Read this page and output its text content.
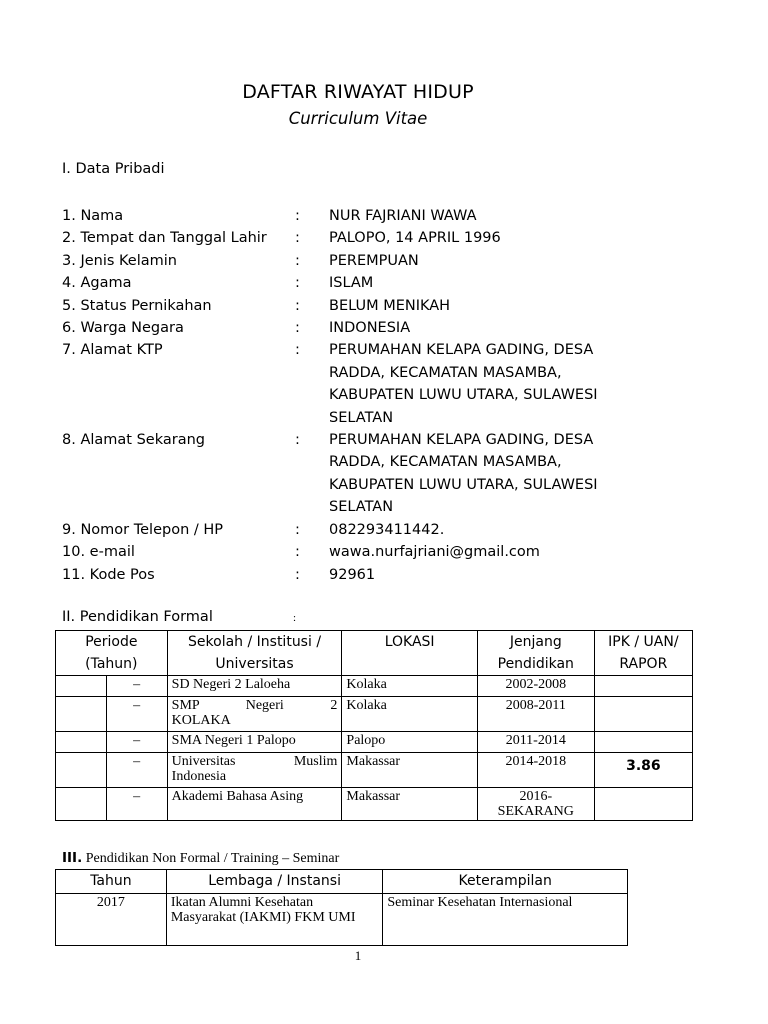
DAFTAR RIWAYAT HIDUP
Curriculum Vitae
I. Data Pribadi
1. Nama	:	NUR FAJRIANI WAWA
2. Tempat dan Tanggal Lahir	:	PALOPO, 14 APRIL 1996
3. Jenis Kelamin	:	PEREMPUAN
4. Agama	:	ISLAM
5. Status Pernikahan	:	BELUM MENIKAH
6. Warga Negara	:	INDONESIA
7. Alamat KTP	:	PERUMAHAN KELAPA GADING, DESA RADDA, KECAMATAN MASAMBA, KABUPATEN LUWU UTARA, SULAWESI SELATAN
8. Alamat Sekarang	:	PERUMAHAN KELAPA GADING, DESA RADDA, KECAMATAN MASAMBA, KABUPATEN LUWU UTARA, SULAWESI SELATAN
9. Nomor Telepon / HP	:	082293411442.
10. e-mail	:	wawa.nurfajriani@gmail.com
11. Kode Pos	:	92961
II. Pendidikan Formal	:
Periode (Tahun)		Sekolah / Institusi / Universitas	LOKASI	Jenjang Pendidikan	IPK / UAN/ RAPOR
	–	SD Negeri 2 Laloeha	Kolaka	2002-2008	
	–	SMP Negeri 2
KOLAKA	Kolaka	2008-2011	
	–	SMA Negeri 1 Palopo	Palopo	2011-2014	
	–	Universitas Muslim
Indonesia	Makassar	2014-2018	3.86
	–	Akademi Bahasa Asing	Makassar	2016-
SEKARANG	

III. Pendidikan Non Formal / Training – Seminar
Tahun	Lembaga / Instansi	Keterampilan
2017	Ikatan Alumni Kesehatan Masyarakat (IAKMI) FKM UMI	Seminar Kesehatan Internasional
1
